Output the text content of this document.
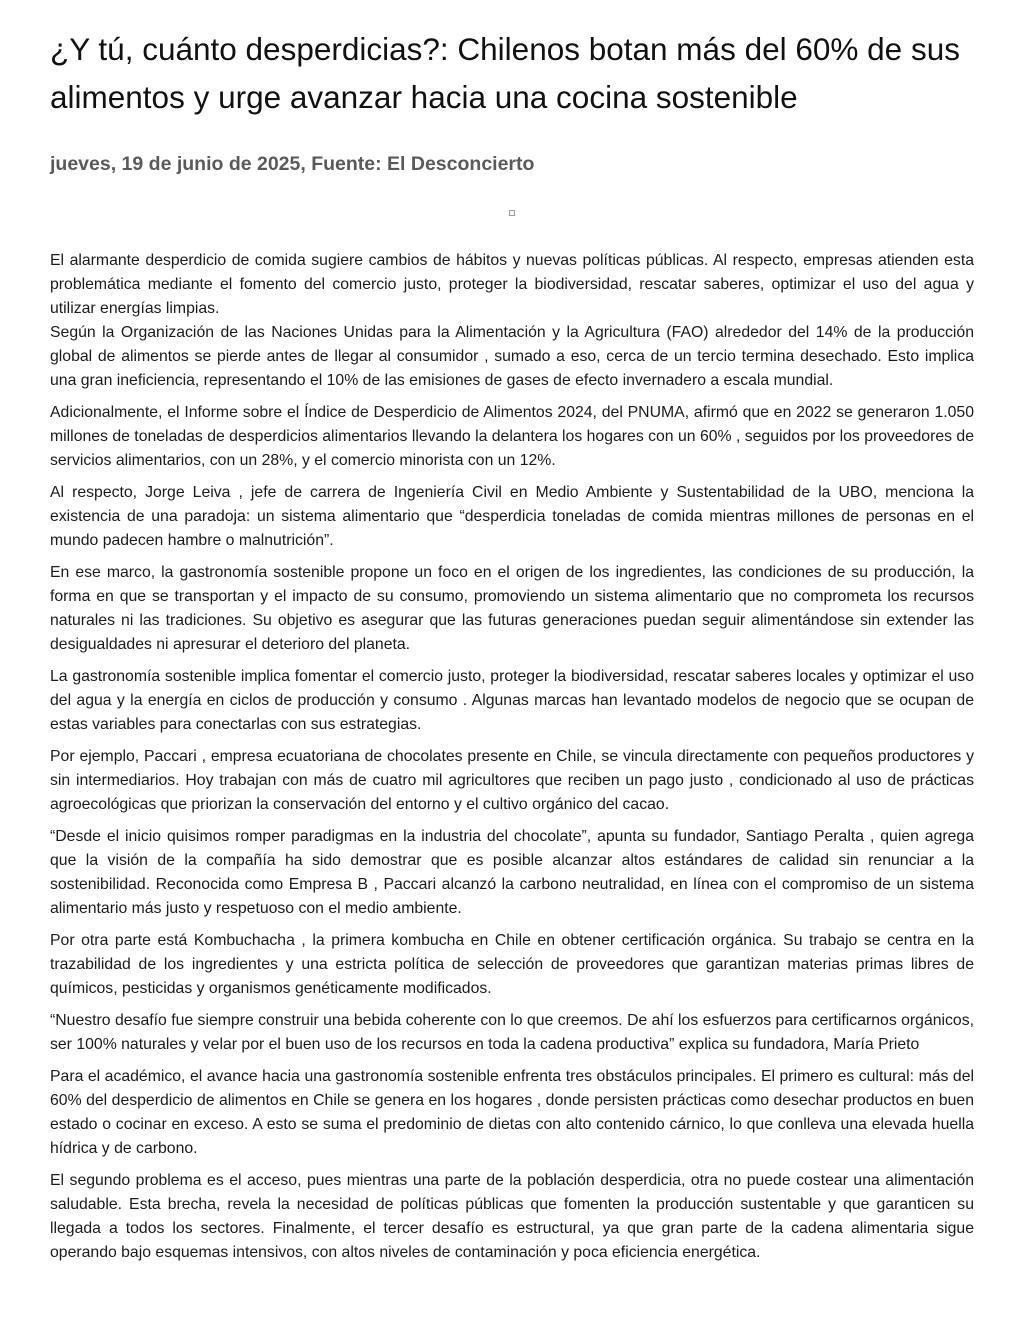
¿Y tú, cuánto desperdicias?: Chilenos botan más del 60% de sus alimentos y urge avanzar hacia una cocina sostenible
jueves, 19 de junio de 2025, Fuente: El Desconcierto

El alarmante desperdicio de comida sugiere cambios de hábitos y nuevas políticas públicas. Al respecto, empresas atienden esta problemática mediante el fomento del comercio justo, proteger la biodiversidad, rescatar saberes, optimizar el uso del agua y utilizar energías limpias.

Según la Organización de las Naciones Unidas para la Alimentación y la Agricultura (FAO) alrededor del 14% de la producción global de alimentos se pierde antes de llegar al consumidor , sumado a eso, cerca de un tercio termina desechado. Esto implica una gran ineficiencia, representando el 10% de las emisiones de gases de efecto invernadero a escala mundial.

Adicionalmente, el Informe sobre el Índice de Desperdicio de Alimentos 2024, del PNUMA, afirmó que en 2022 se generaron 1.050 millones de toneladas de desperdicios alimentarios llevando la delantera los hogares con un 60% , seguidos por los proveedores de servicios alimentarios, con un 28%, y el comercio minorista con un 12%.

Al respecto, Jorge Leiva , jefe de carrera de Ingeniería Civil en Medio Ambiente y Sustentabilidad de la UBO, menciona la existencia de una paradoja: un sistema alimentario que “desperdicia toneladas de comida mientras millones de personas en el mundo padecen hambre o malnutrición”.

En ese marco, la gastronomía sostenible propone un foco en el origen de los ingredientes, las condiciones de su producción, la forma en que se transportan y el impacto de su consumo, promoviendo un sistema alimentario que no comprometa los recursos naturales ni las tradiciones. Su objetivo es asegurar que las futuras generaciones puedan seguir alimentándose sin extender las desigualdades ni apresurar el deterioro del planeta.

La gastronomía sostenible implica fomentar el comercio justo, proteger la biodiversidad, rescatar saberes locales y optimizar el uso del agua y la energía en ciclos de producción y consumo . Algunas marcas han levantado modelos de negocio que se ocupan de estas variables para conectarlas con sus estrategias.

Por ejemplo, Paccari , empresa ecuatoriana de chocolates presente en Chile, se vincula directamente con pequeños productores y sin intermediarios. Hoy trabajan con más de cuatro mil agricultores que reciben un pago justo , condicionado al uso de prácticas agroecológicas que priorizan la conservación del entorno y el cultivo orgánico del cacao.

“Desde el inicio quisimos romper paradigmas en la industria del chocolate”, apunta su fundador, Santiago Peralta , quien agrega que la visión de la compañía ha sido demostrar que es posible alcanzar altos estándares de calidad sin renunciar a la sostenibilidad. Reconocida como Empresa B , Paccari alcanzó la carbono neutralidad, en línea con el compromiso de un sistema alimentario más justo y respetuoso con el medio ambiente.

Por otra parte está Kombuchacha , la primera kombucha en Chile en obtener certificación orgánica. Su trabajo se centra en la trazabilidad de los ingredientes y una estricta política de selección de proveedores que garantizan materias primas libres de químicos, pesticidas y organismos genéticamente modificados.

“Nuestro desafío fue siempre construir una bebida coherente con lo que creemos. De ahí los esfuerzos para certificarnos orgánicos, ser 100% naturales y velar por el buen uso de los recursos en toda la cadena productiva” explica su fundadora, María Prieto

Para el académico, el avance hacia una gastronomía sostenible enfrenta tres obstáculos principales. El primero es cultural: más del 60% del desperdicio de alimentos en Chile se genera en los hogares , donde persisten prácticas como desechar productos en buen estado o cocinar en exceso. A esto se suma el predominio de dietas con alto contenido cárnico, lo que conlleva una elevada huella hídrica y de carbono.

El segundo problema es el acceso, pues mientras una parte de la población desperdicia, otra no puede costear una alimentación saludable. Esta brecha, revela la necesidad de políticas públicas que fomenten la producción sustentable y que garanticen su llegada a todos los sectores. Finalmente, el tercer desafío es estructural, ya que gran parte de la cadena alimentaria sigue operando bajo esquemas intensivos, con altos niveles de contaminación y poca eficiencia energética.
